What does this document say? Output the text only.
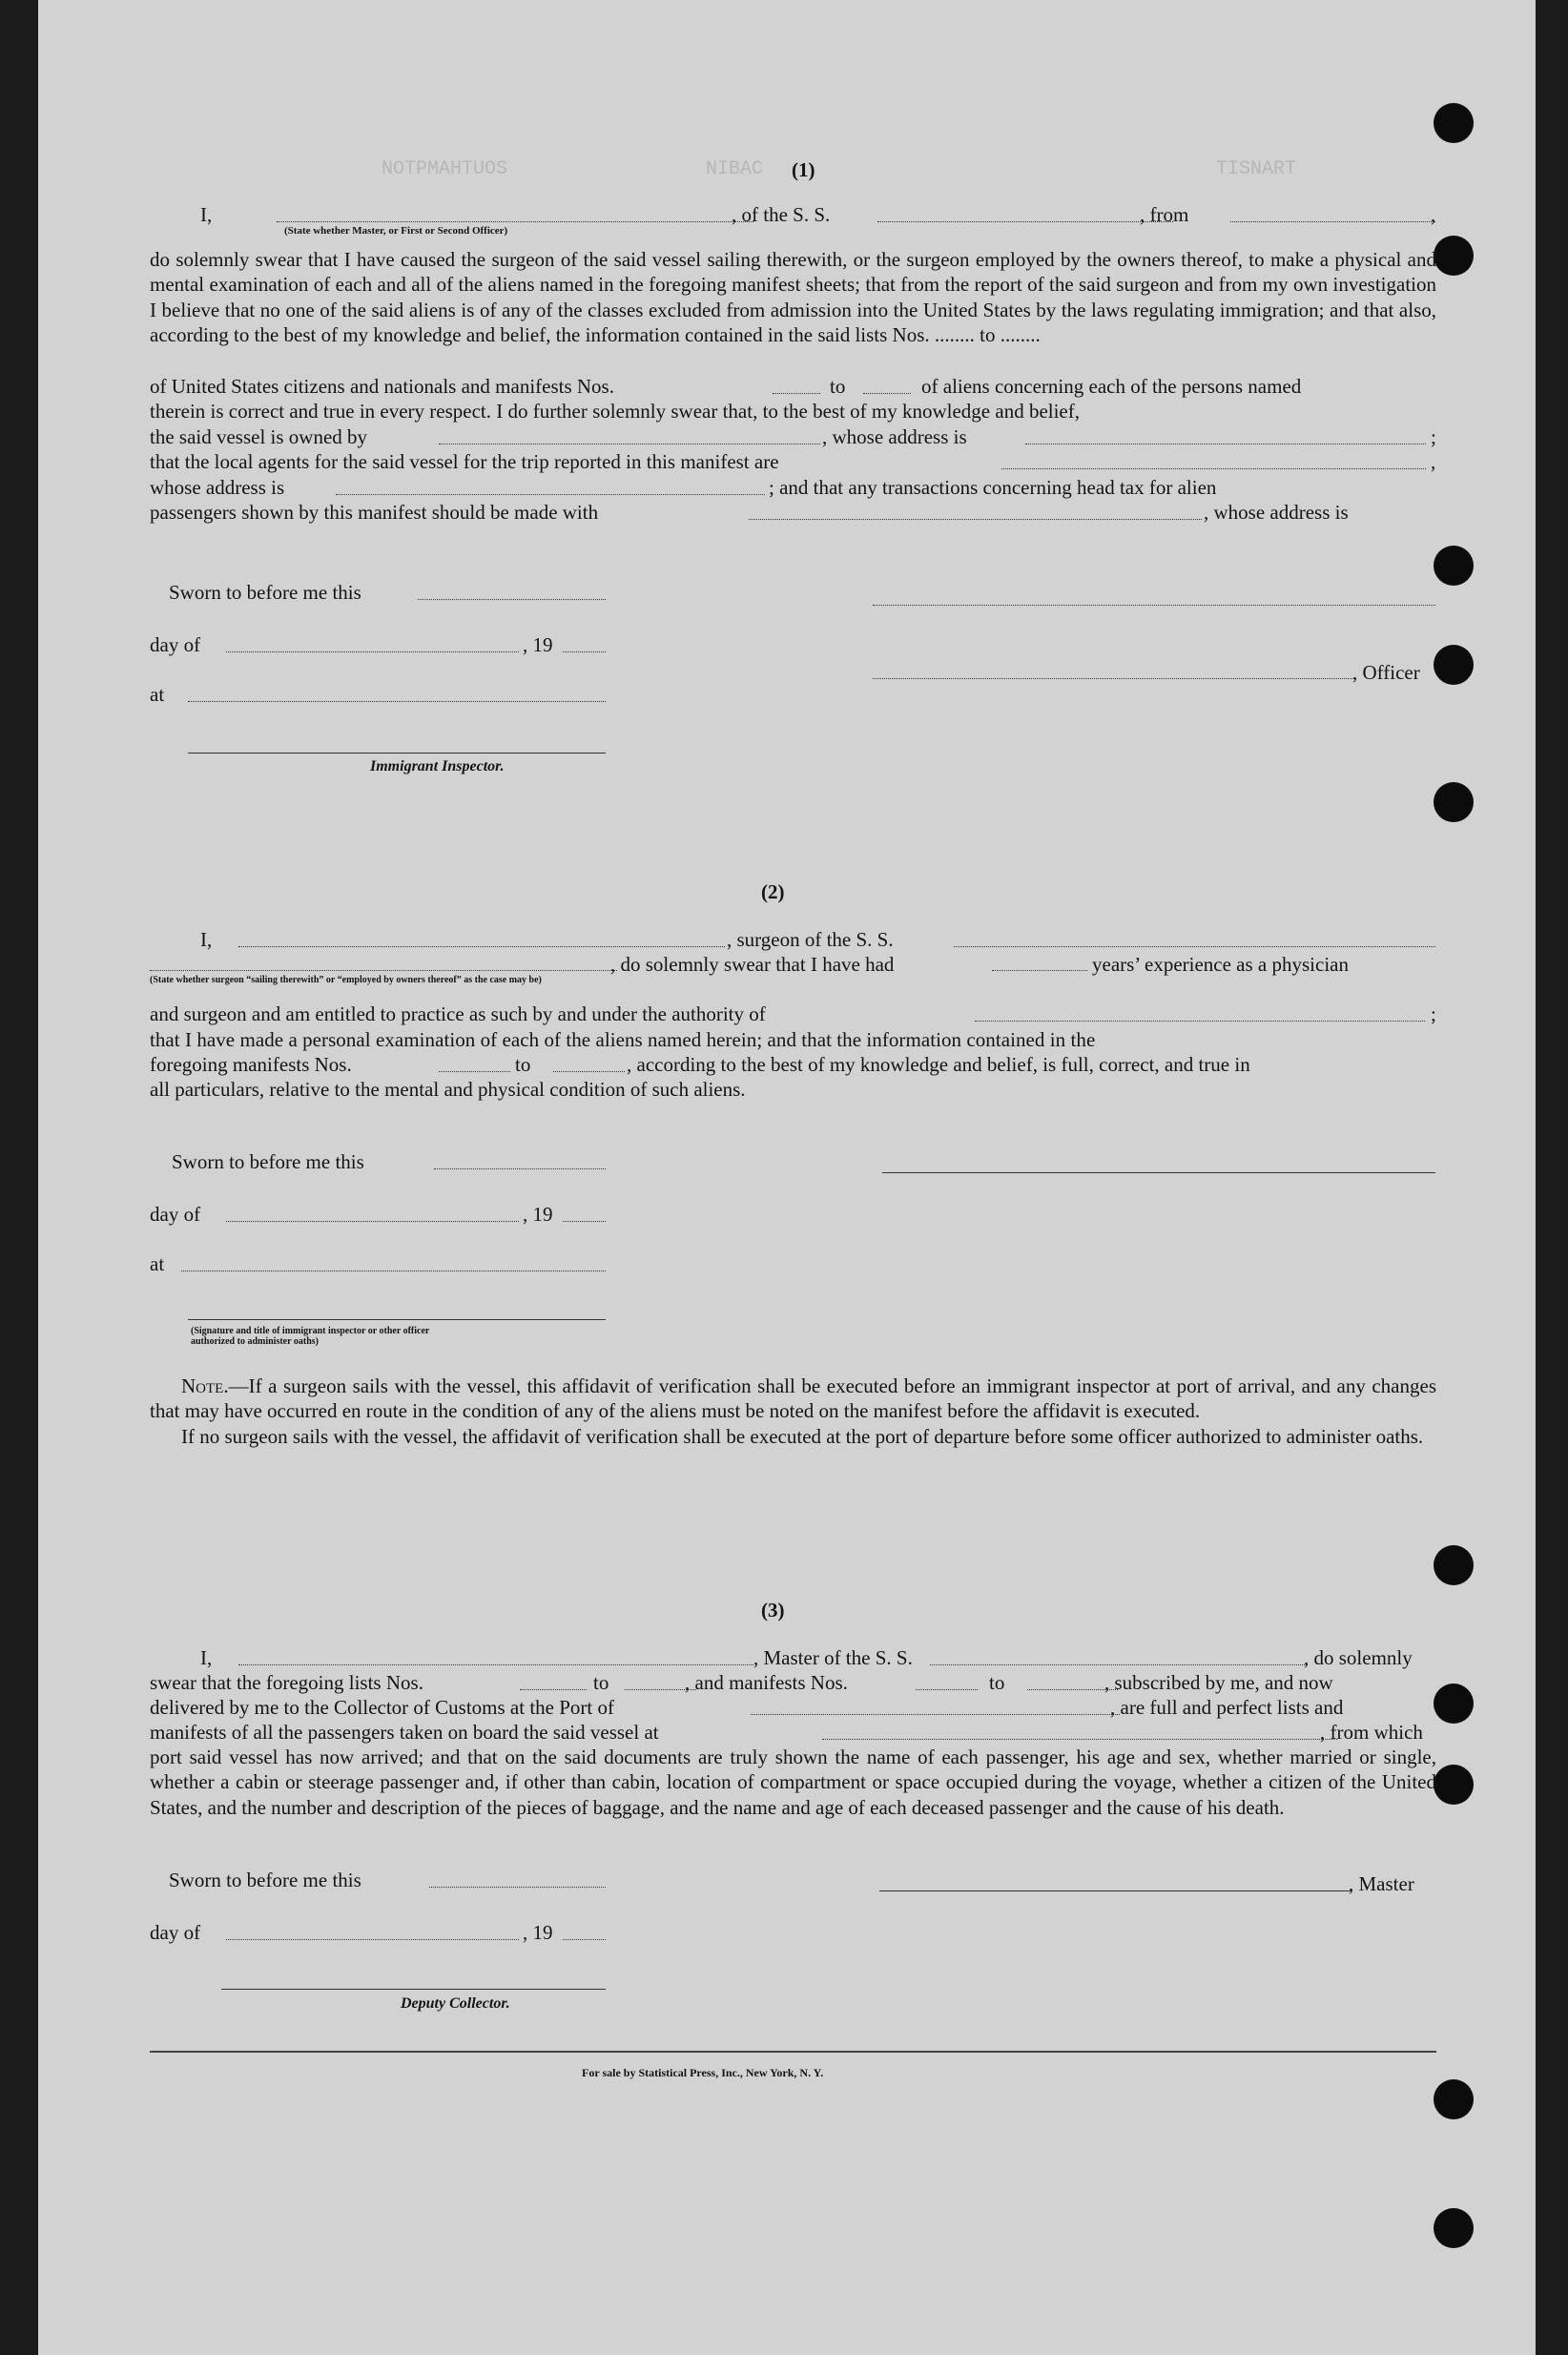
NOTPMAHTUOS	NIBAC	TISNART
(1)
I,
(State whether Master, or First or Second Officer)
, of the S. S.	, from	,

do solemnly swear that I have caused the surgeon of the said vessel sailing therewith, or the surgeon employed by the owners thereof, to make a physical and mental examination of each and all of the aliens named in the foregoing manifest sheets; that from the report of the said surgeon and from my own investigation I believe that no one of the said aliens is of any of the classes excluded from admission into the United States by the laws regulating immigration; and that also, according to the best of my knowledge and belief, the information contained in the said lists Nos. ........ to ........

of United States citizens and nationals and manifests Nos.	to	of aliens concerning each of the persons named
therein is correct and true in every respect. I do further solemnly swear that, to the best of my knowledge and belief,
the said vessel is owned by	, whose address is	;
that the local agents for the said vessel for the trip reported in this manifest are	,
whose address is	; and that any transactions concerning head tax for alien
passengers shown by this manifest should be made with	, whose address is
Sworn to before me this
day of	, 19
, Officer
at
Immigrant Inspector.
(2)
I,	, surgeon of the S. S.
, do solemnly swear that I have had	years’ experience as a physician
(State whether surgeon “sailing therewith” or “employed by owners thereof” as the case may be)
and surgeon and am entitled to practice as such by and under the authority of	;
that I have made a personal examination of each of the aliens named herein; and that the information contained in the
foregoing manifests Nos.	to	, according to the best of my knowledge and belief, is full, correct, and true in
all particulars, relative to the mental and physical condition of such aliens.
Sworn to before me this
day of	, 19
at
(Signature and title of immigrant inspector or other officer authorized to administer oaths)

Note.—If a surgeon sails with the vessel, this affidavit of verification shall be executed before an immigrant inspector at port of arrival, and any changes that may have occurred en route in the condition of any of the aliens must be noted on the manifest before the affidavit is executed.

If no surgeon sails with the vessel, the affidavit of verification shall be executed at the port of departure before some officer authorized to administer oaths.

(3)
I,	, Master of the S. S.	, do solemnly
swear that the foregoing lists Nos.	to	, and manifests Nos.	to	, subscribed by me, and now
delivered by me to the Collector of Customs at the Port of	, are full and perfect lists and
manifests of all the passengers taken on board the said vessel at	, from which

port said vessel has now arrived; and that on the said documents are truly shown the name of each passenger, his age and sex, whether married or single, whether a cabin or steerage passenger and, if other than cabin, location of compartment or space occupied during the voyage, whether a citizen of the United States, and the number and description of the pieces of baggage, and the name and age of each deceased passenger and the cause of his death.

Sworn to before me this	, Master
day of	, 19
Deputy Collector.
For sale by Statistical Press, Inc., New York, N. Y.
